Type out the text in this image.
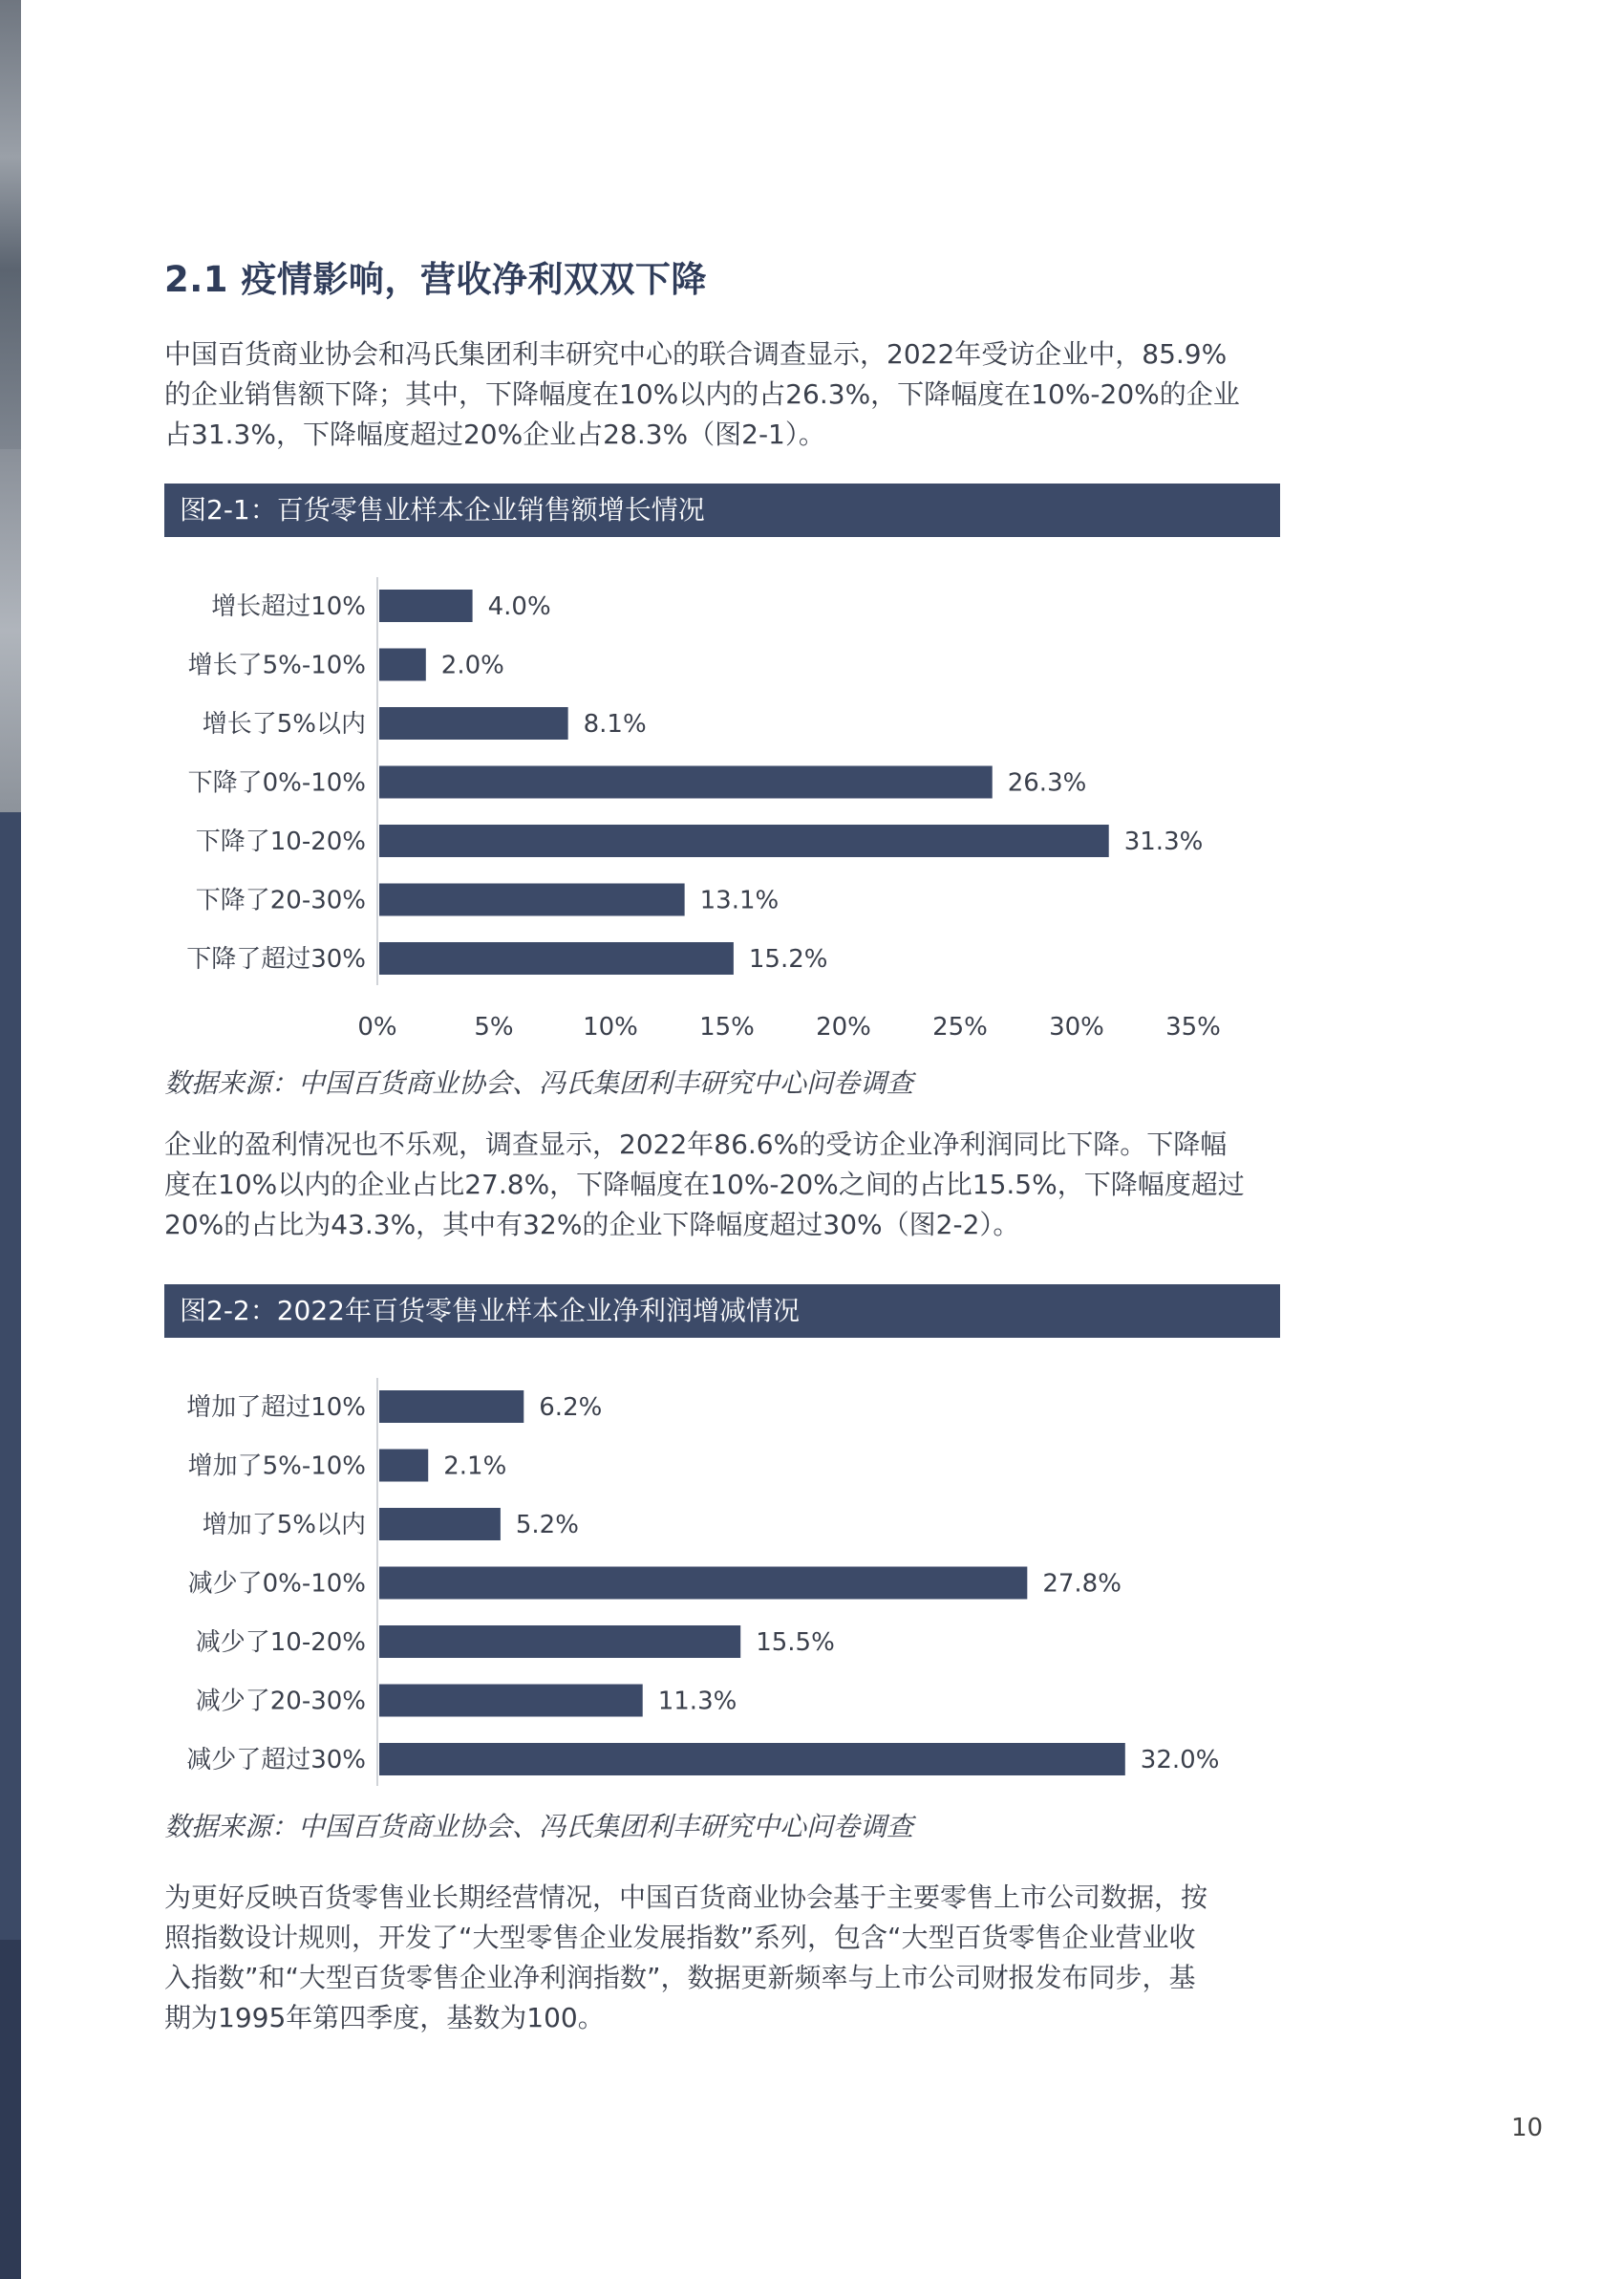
2.1 疫情影响，营收净利双双下降
中国百货商业协会和冯氏集团利丰研究中心的联合调查显示，2022年受访企业中，85.9%
的企业销售额下降；其中，下降幅度在10%以内的占26.3%，下降幅度在10%-20%的企业
占31.3%，下降幅度超过20%企业占28.3%（图2-1）。
图2-1：百货零售业样本企业销售额增长情况
增长超过10%	4.0%
增长了5%-10%	2.0%
增长了5%以内	8.1%
下降了0%-10%	26.3%
下降了10-20%	31.3%
下降了20-30%	13.1%
下降了超过30%	15.2%
0%	5%	10% 15% 20% 25% 30% 35%

数据来源：中国百货商业协会、冯氏集团利丰研究中心问卷调查

企业的盈利情况也不乐观，调查显示，2022年86.6%的受访企业净利润同比下降。下降幅
度在10%以内的企业占比27.8%，下降幅度在10%-20%之间的占比15.5%，下降幅度超过
20%的占比为43.3%，其中有32%的企业下降幅度超过30%（图2-2）。
图2-2：2022年百货零售业样本企业净利润增减情况
增加了超过10%	6.2%
增加了5%-10%	2.1%
增加了5%以内	5.2%
减少了0%-10%	27.8%
减少了10-20%	15.5%
减少了20-30%	11.3%
减少了超过30%	32.0%

数据来源：中国百货商业协会、冯氏集团利丰研究中心问卷调查

为更好反映百货零售业长期经营情况，中国百货商业协会基于主要零售上市公司数据，按
照指数设计规则，开发了“大型零售企业发展指数”系列，包含“大型百货零售企业营业收
入指数”和“大型百货零售企业净利润指数”，数据更新频率与上市公司财报发布同步，基
期为1995年第四季度，基数为100。
10
